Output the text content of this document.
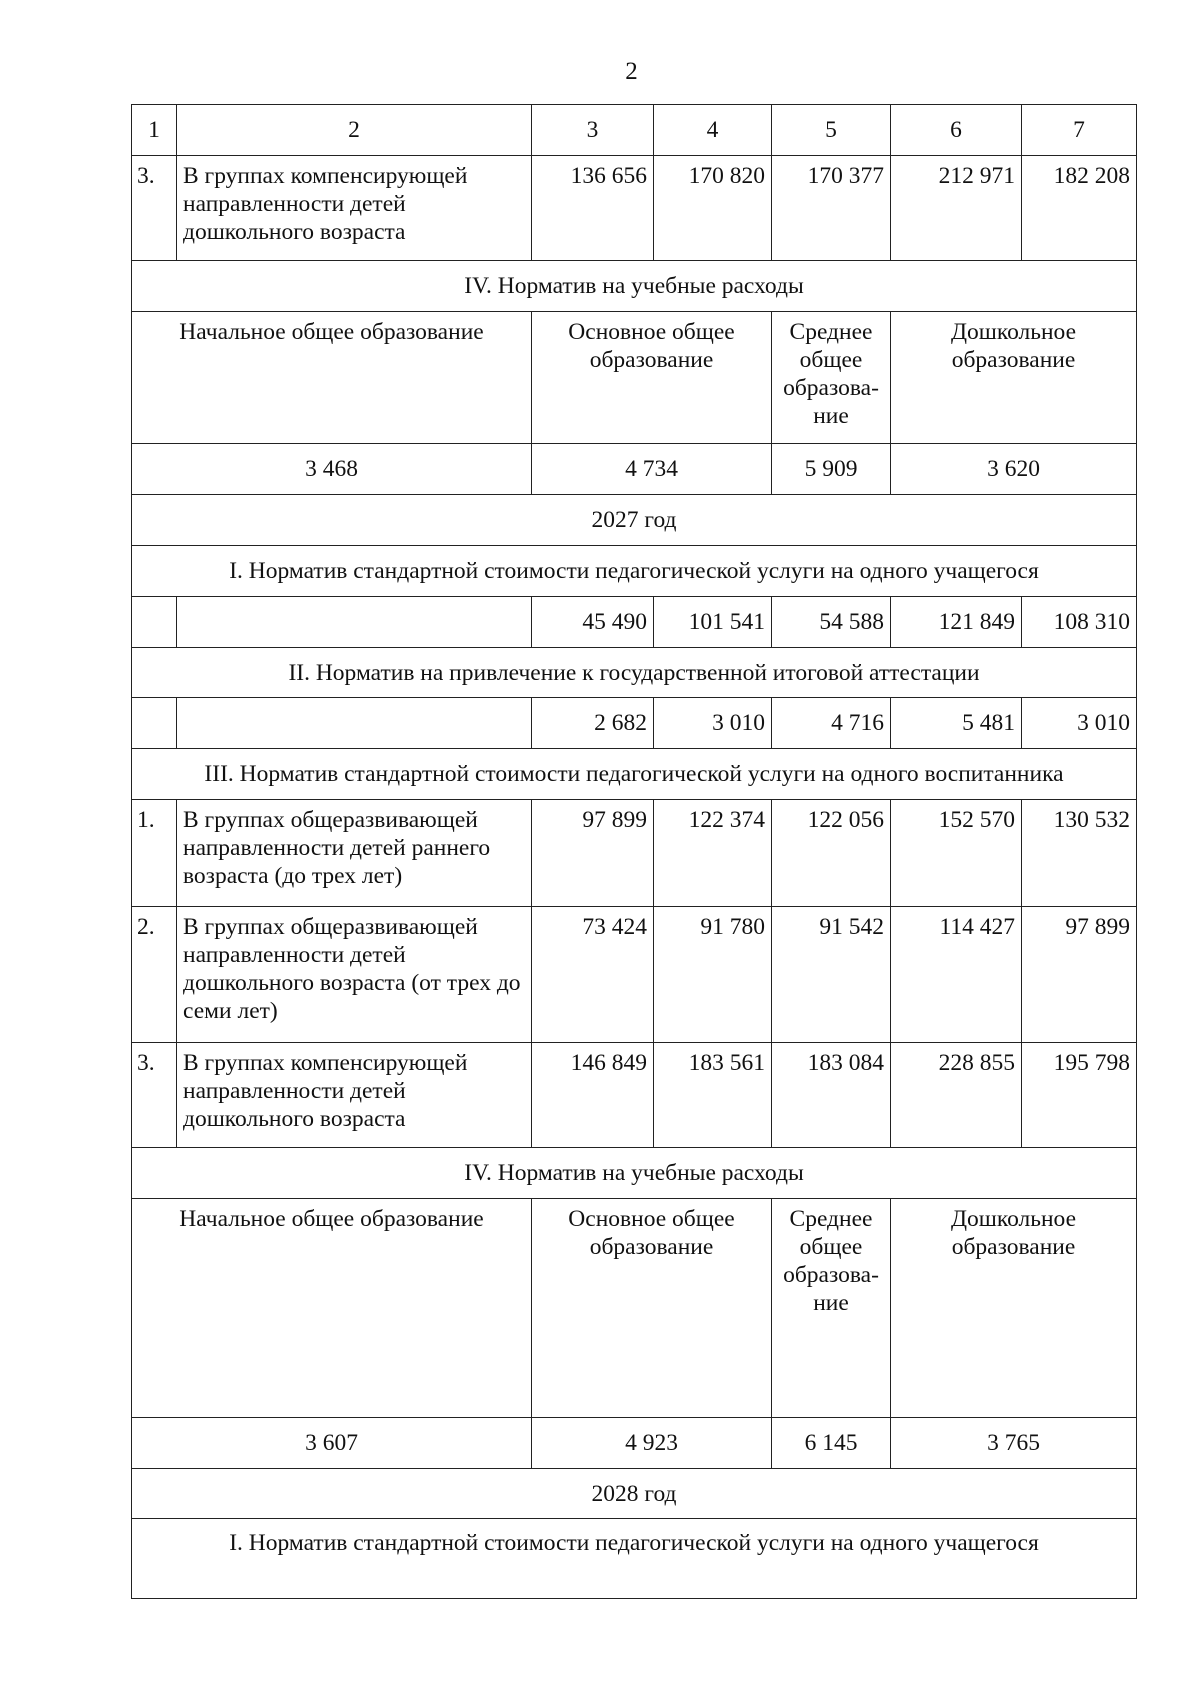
2
1	2	3	4	5	6	7
3.	В группах компенсирующей направленности детей дошкольного возраста	136 656	170 820	170 377	212 971	182 208
IV. Норматив на учебные расходы						
Начальное общее образование		Основное общее образование		Среднее общее образова-ние	Дошкольное образование	
3 468		4 734		5 909	3 620	
2027 год						
I. Норматив стандартной стоимости педагогической услуги на одного учащегося						
		45 490	101 541	54 588	121 849	108 310
II. Норматив на привлечение к государственной итоговой аттестации						
		2 682	3 010	4 716	5 481	3 010
III. Норматив стандартной стоимости педагогической услуги на одного воспитанника						
1.	В группах общеразвивающей направленности детей раннего возраста (до трех лет)	97 899	122 374	122 056	152 570	130 532
2.	В группах общеразвивающей направленности детей дошкольного возраста (от трех до семи лет)	73 424	91 780	91 542	114 427	97 899
3.	В группах компенсирующей направленности детей дошкольного возраста	146 849	183 561	183 084	228 855	195 798
IV. Норматив на учебные расходы						
Начальное общее образование		Основное общее образование		Среднее общее образова-ние	Дошкольное образование	
3 607		4 923		6 145	3 765	
2028 год						
I. Норматив стандартной стоимости педагогической услуги на одного учащегося						
